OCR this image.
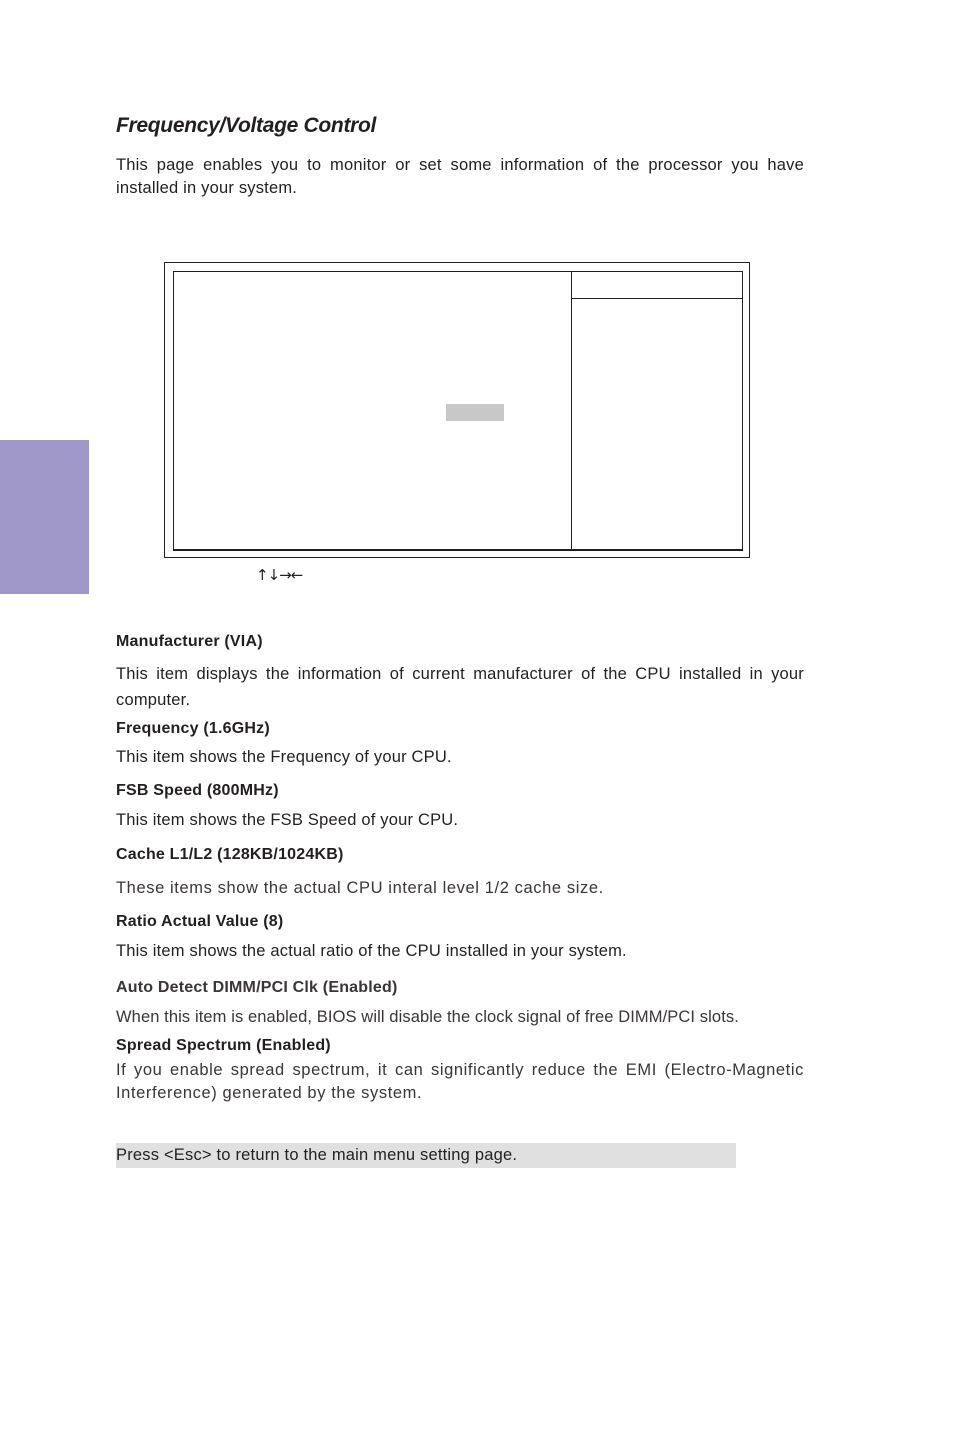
Frequency/Voltage Control

This page enables you to monitor or set some information of the processor you have installed in your system.

↑↓→←
Manufacturer (VIA)

This item displays the information of current manufacturer of the CPU installed in your computer.

Frequency (1.6GHz)

This item shows the Frequency of your CPU.

FSB Speed (800MHz)

This item shows the FSB Speed of your CPU.

Cache L1/L2 (128KB/1024KB)

These items show the actual CPU interal level 1/2 cache size.

Ratio Actual Value (8)

This item shows the actual ratio of the CPU installed in your system.

Auto Detect DIMM/PCI Clk (Enabled)

When this item is enabled, BIOS will disable the clock signal of free DIMM/PCI slots.

Spread Spectrum (Enabled)

If you enable spread spectrum, it can significantly reduce the EMI (Electro-Magnetic Interference) generated by the system.

Press <Esc> to return to the main menu setting page.
